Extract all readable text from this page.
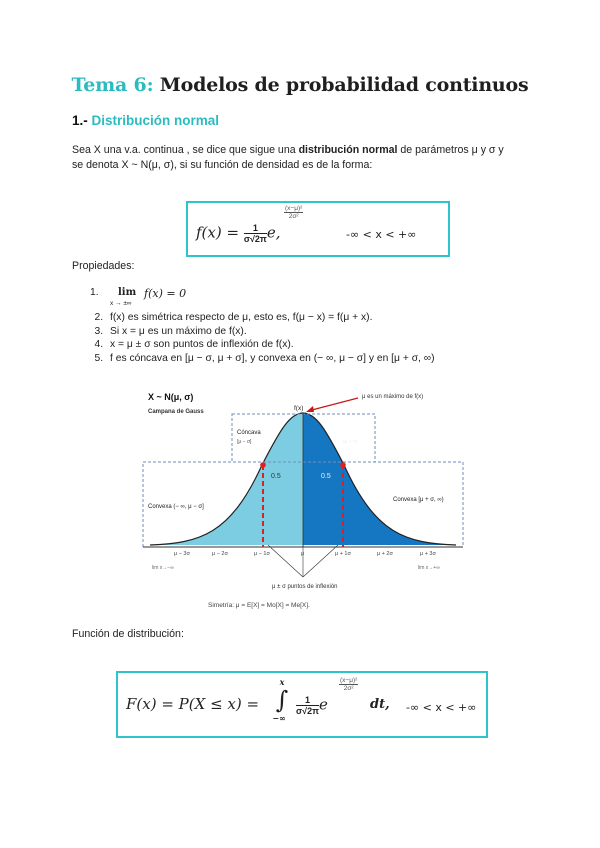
Tema 6: Modelos de probabilidad continuos
1.- Distribución normal
Sea X una v.a. continua , se dice que sigue una distribución normal de parámetros μ y σ y
se denota X ~ N(μ, σ), si su función de densidad es de la forma:
$f(x) = \frac{1}{\sigma√2\pi} e$,
$\frac{\text{(x−μ)²}}{\text{2σ²}}$
-∞ < x < +∞
Propiedades:
1. lim
x → ±∞
f(x) = 0
2. f(x) es simétrica respecto de μ, esto es, f(μ − x) = f(μ + x).
3. Si x = μ es un máximo de f(x).
4. x = μ ± σ son puntos de inflexión de f(x).
5. f es cóncava en [μ − σ, μ + σ], y convexa en (− ∞, μ − σ] y en [μ + σ, ∞)
X ~ N(μ, σ)
Campana de Gauss	f(x)
μ es un máximo de f(x)
Cóncava
[μ − σ]
Cóncava
[μ + σ]
Convexa (− ∞, μ − σ]
Convexa [μ + σ, ∞)
0.5	0.5
μ − 3σ	μ − 2σ	μ − 1σ	μ	μ + 1σ	μ + 2σ	μ + 3σ
lim x→−∞	lim x→+∞
μ ± σ puntos de inflexión
Simetría: μ = E[X] = Mo[X] = Me[X].
Función de distribución:
F(x) = P(X ≤ x) =
x
∫
−∞
$\frac{1}{\sigma√2\pi}$ e
$\frac{\text{(x−μ)²}}{\text{2σ²}}$
dt, -∞ < x < +∞
